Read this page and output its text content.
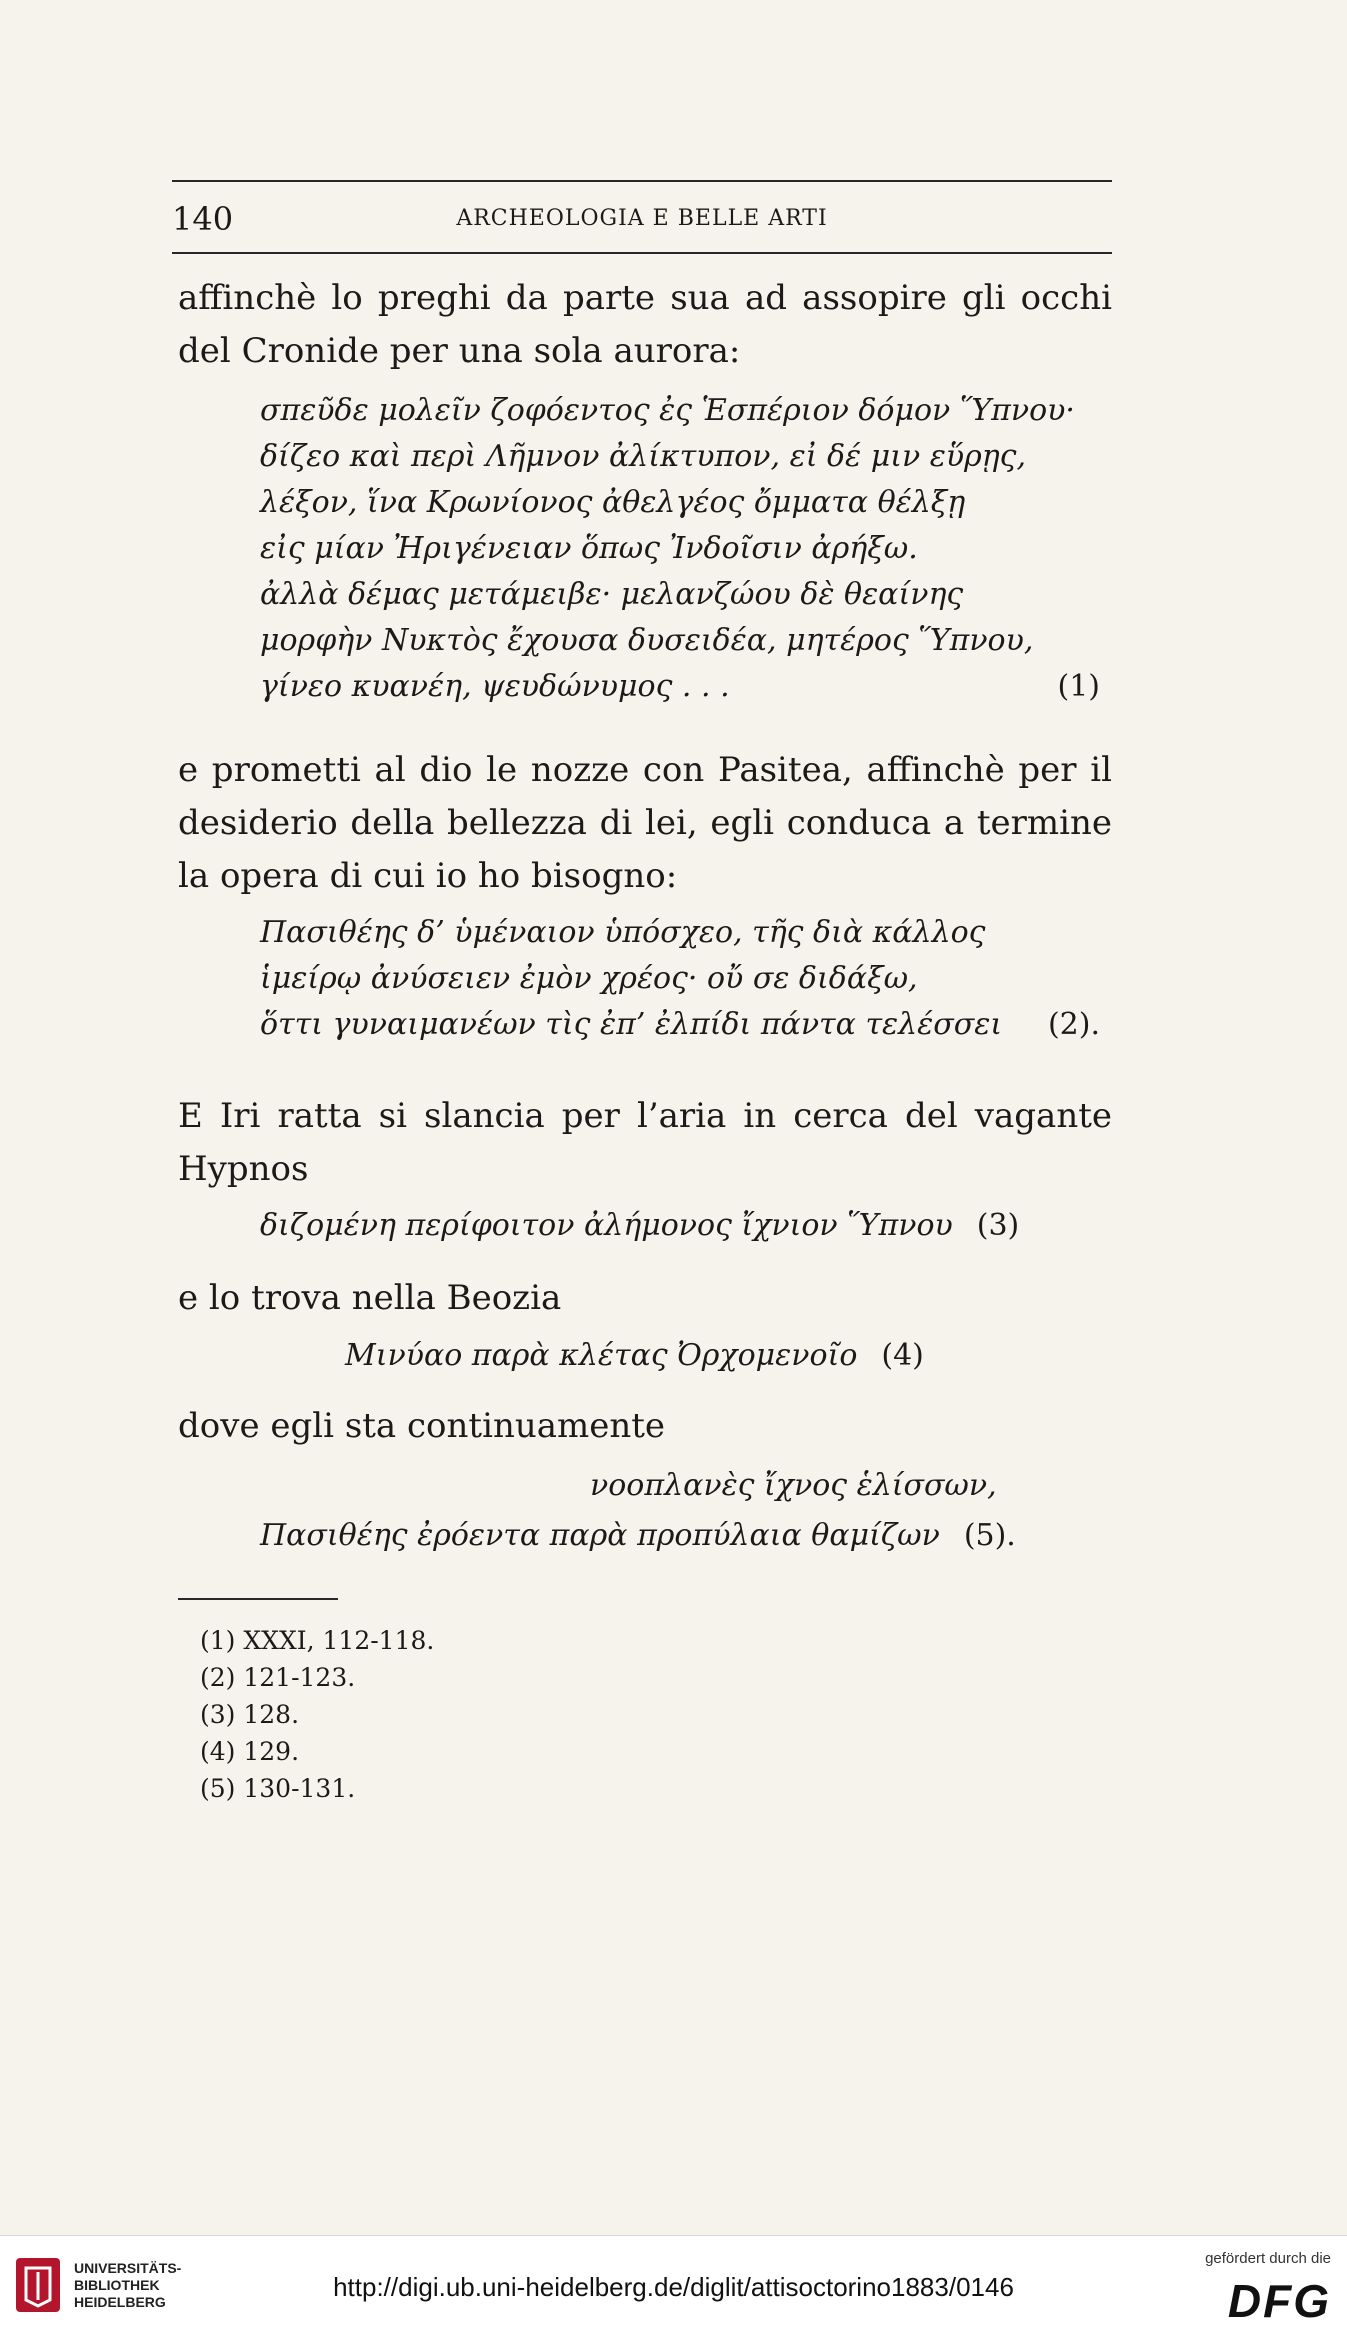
140	ARCHEOLOGIA E BELLE ARTI

affinchè lo preghi da parte sua ad assopire gli occhi del Cronide per una sola aurora:

σπεῦδε μολεῖν ζοφόεντος ἐς Ἑσπέριον δόμον Ὕπνου·
δίζεο καὶ περὶ Λῆμνον ἀλίκτυπον, εἰ δέ μιν εὕρῃς,
λέξον, ἵνα Κρωνίονος ἀθελγέος ὄμματα θέλξῃ
εἰς μίαν Ἠριγένειαν ὅπως Ἰνδοῖσιν ἀρήξω.
ἀλλὰ δέμας μετάμειβε· μελανζώου δὲ θεαίνης
μορφὴν Νυκτὸς ἔχουσα δυσειδέα, μητέρος Ὕπνου,
γίνεο κυανέη, ψευδώνυμος . . .	(1)

e prometti al dio le nozze con Pasitea, affinchè per il desiderio della bellezza di lei, egli conduca a termine la opera di cui io ho bisogno:

Πασιθέης δ’ ὑμέναιον ὑπόσχεο, τῆς διὰ κάλλος
ἱμείρῳ ἀνύσειεν ἐμὸν χρέος· οὔ σε διδάξω,
ὅττι γυναιμανέων τὶς ἐπ’ ἐλπίδι πάντα τελέσσει (2).

E Iri ratta si slancia per l’aria in cerca del vagante Hypnos

διζομένη περίφοιτον ἀλήμονος ἴχνιον Ὕπνου (3)

e lo trova nella Beozia

Μινύαο παρὰ κλέτας Ὀρχομενοῖο (4)

dove egli sta continuamente

νοοπλανὲς ἴχνος ἑλίσσων,
Πασιθέης ἐρόεντα παρὰ προπύλαια θαμίζων (5).
(1) XXXI, 112-118.
(2) 121-123.
(3) 128.
(4) 129.
(5) 130-131.
UNIVERSITÄTS-
BIBLIOTHEK
HEIDELBERG	http://digi.ub.uni-heidelberg.de/diglit/attisoctorino1883/0146
gefördert durch die
DFG
